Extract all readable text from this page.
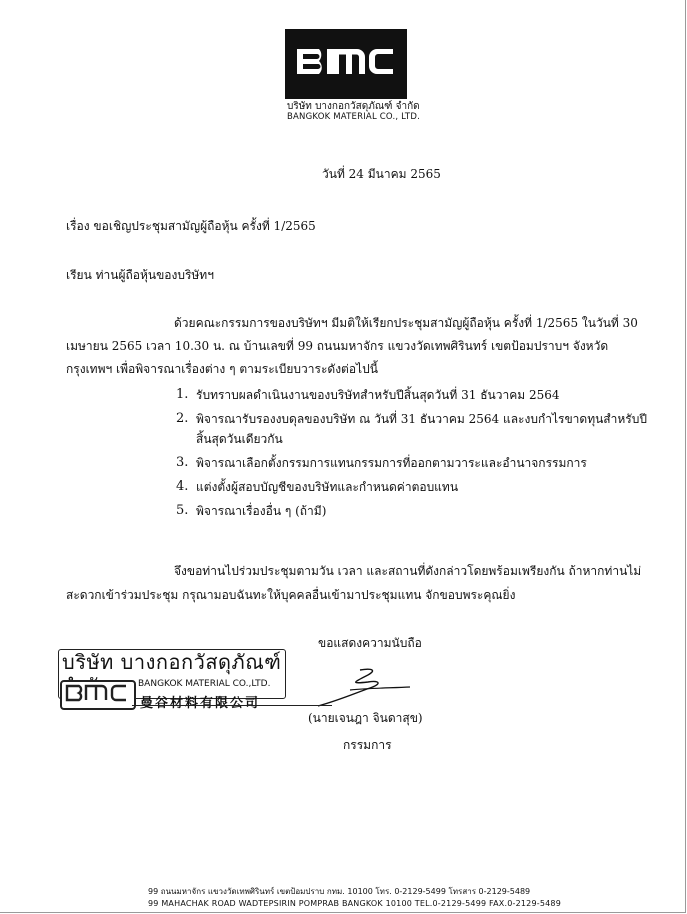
บริษัท บางกอกวัสดุภัณฑ์ จำกัด
BANGKOK MATERIAL CO., LTD.
วันที่ 24 มีนาคม 2565
เรื่อง ขอเชิญประชุมสามัญผู้ถือหุ้น ครั้งที่ 1/2565
เรียน ท่านผู้ถือหุ้นของบริษัทฯ
ด้วยคณะกรรมการของบริษัทฯ มีมติให้เรียกประชุมสามัญผู้ถือหุ้น ครั้งที่ 1/2565 ในวันที่ 30
เมษายน 2565 เวลา 10.30 น. ณ บ้านเลขที่ 99 ถนนมหาจักร แขวงวัดเทพศิรินทร์ เขตป้อมปราบฯ จังหวัด
กรุงเทพฯ เพื่อพิจารณาเรื่องต่าง ๆ ตามระเบียบวาระดังต่อไปนี้
1. รับทราบผลดำเนินงานของบริษัทสำหรับปีสิ้นสุดวันที่ 31 ธันวาคม 2564
2. พิจารณารับรองงบดุลของบริษัท ณ วันที่ 31 ธันวาคม 2564 และงบกำไรขาดทุนสำหรับปี
สิ้นสุดวันเดียวกัน
3. พิจารณาเลือกตั้งกรรมการแทนกรรมการที่ออกตามวาระและอำนาจกรรมการ
4. แต่งตั้งผู้สอบบัญชีของบริษัทและกำหนดค่าตอบแทน
5. พิจารณาเรื่องอื่น ๆ (ถ้ามี)
จึงขอท่านไปร่วมประชุมตามวัน เวลา และสถานที่ดังกล่าวโดยพร้อมเพรียงกัน ถ้าหากท่านไม่
สะดวกเข้าร่วมประชุม กรุณามอบฉันทะให้บุคคลอื่นเข้ามาประชุมแทน จักขอบพระคุณยิ่ง
ขอแสดงความนับถือ
(นายเจนฎา จินดาสุข)
กรรมการ
บริษัท บางกอกวัสดุภัณฑ์
BANGKOK MATERIAL CO.,LTD.
曼谷材料有限公司
99 ถนนมหาจักร แขวงวัดเทพศิรินทร์ เขตป้อมปราบ กทม. 10100 โทร. 0-2129-5499 โทรสาร 0-2129-5489
99 MAHACHAK ROAD WADTEPSIRIN POMPRAB BANGKOK 10100 TEL.0-2129-5499 FAX.0-2129-5489
